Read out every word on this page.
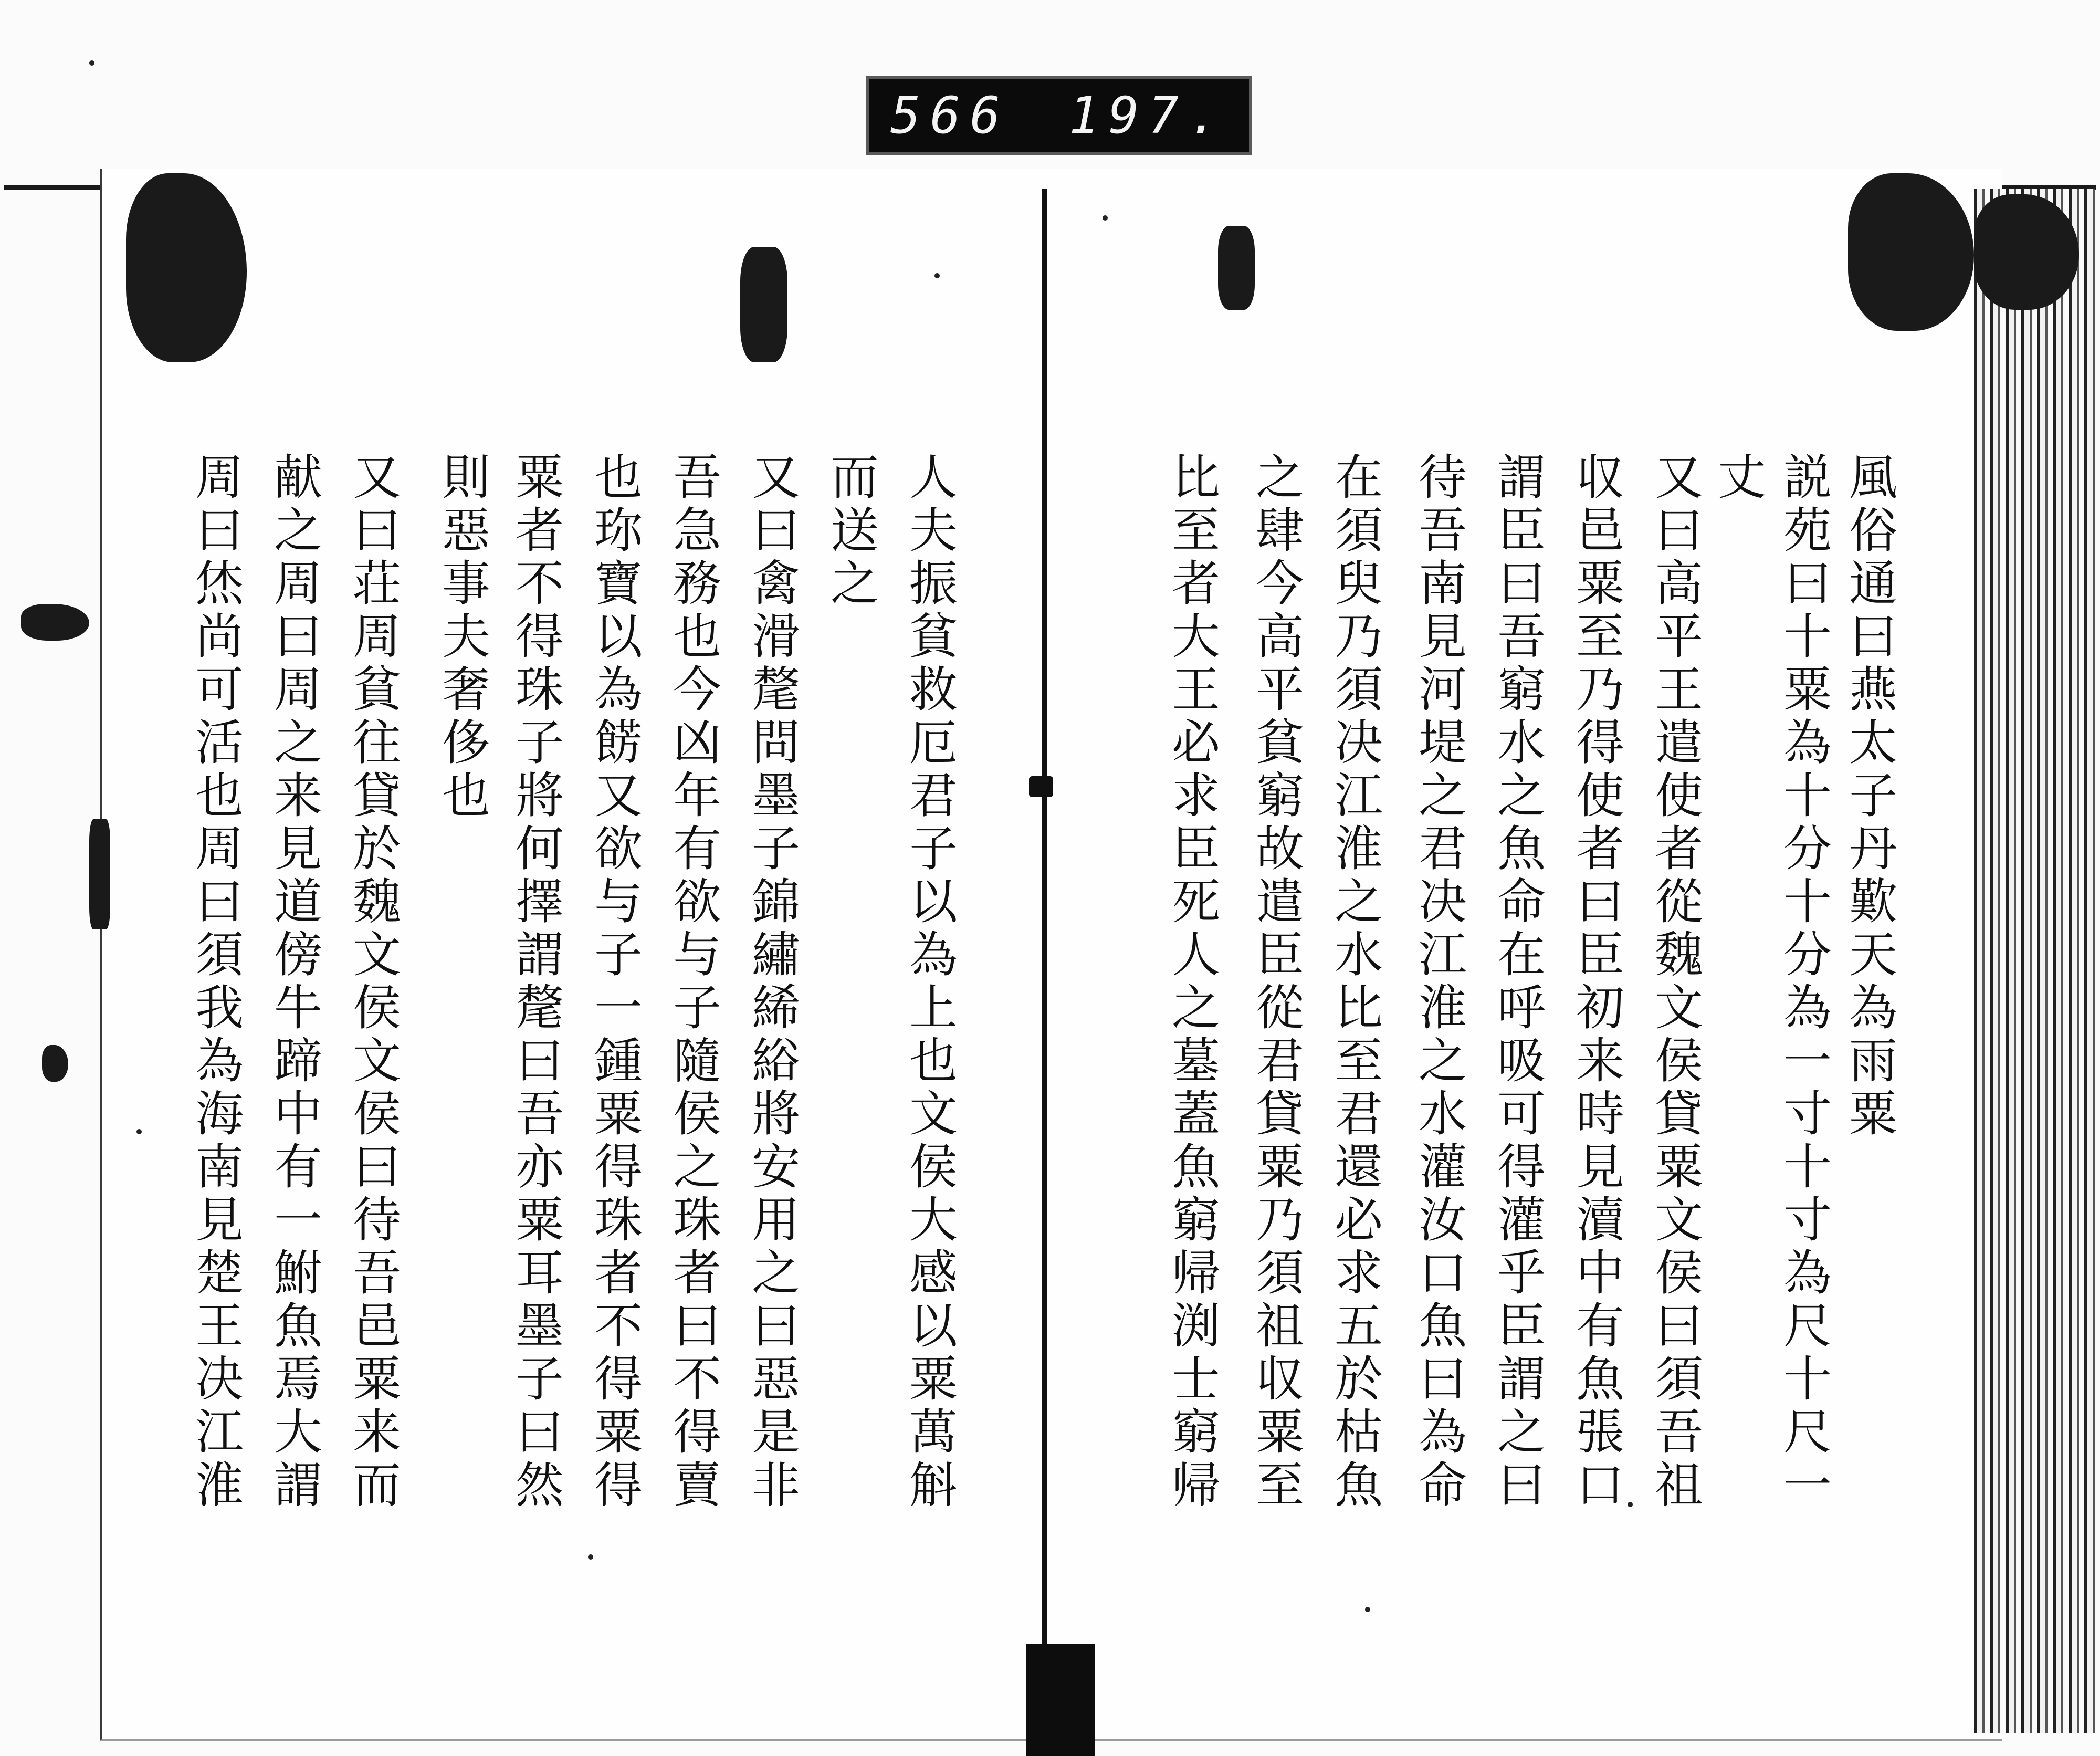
566 197.
風俗通曰燕太子丹歎天為雨粟
説苑曰十粟為十分十分為一寸十寸為尺十尺一
丈
又曰高平王遣使者從魏文侯貸粟文侯曰須吾祖
収邑粟至乃得使者曰臣初来時見瀆中有魚張口
謂臣曰吾窮水之魚命在呼吸可得灌乎臣謂之曰
待吾南見河堤之君决江淮之水灌汝口魚曰為命
在須臾乃須决江淮之水比至君還必求五於枯魚
之肆今高平貧窮故遣臣從君貸粟乃須祖収粟至
比至者大王必求臣死人之墓蓋魚窮帰渕士窮帰
人夫振貧救厄君子以為上也文侯大感以粟萬斛
而送之
又曰禽滑氂問墨子錦繡絺綌將安用之曰惡是非
吾急務也今凶年有欲与子隨侯之珠者曰不得賣
也珎寶以為餝又欲与子一鍾粟得珠者不得粟得
粟者不得珠子將何擇謂氂曰吾亦粟耳墨子曰然
則惡事夫奢侈也
又曰荘周貧往貸於魏文侯文侯曰待吾邑粟来而
献之周曰周之来見道傍牛蹄中有一鮒魚焉大謂
周曰烋尚可活也周曰須我為海南見楚王决江淮
